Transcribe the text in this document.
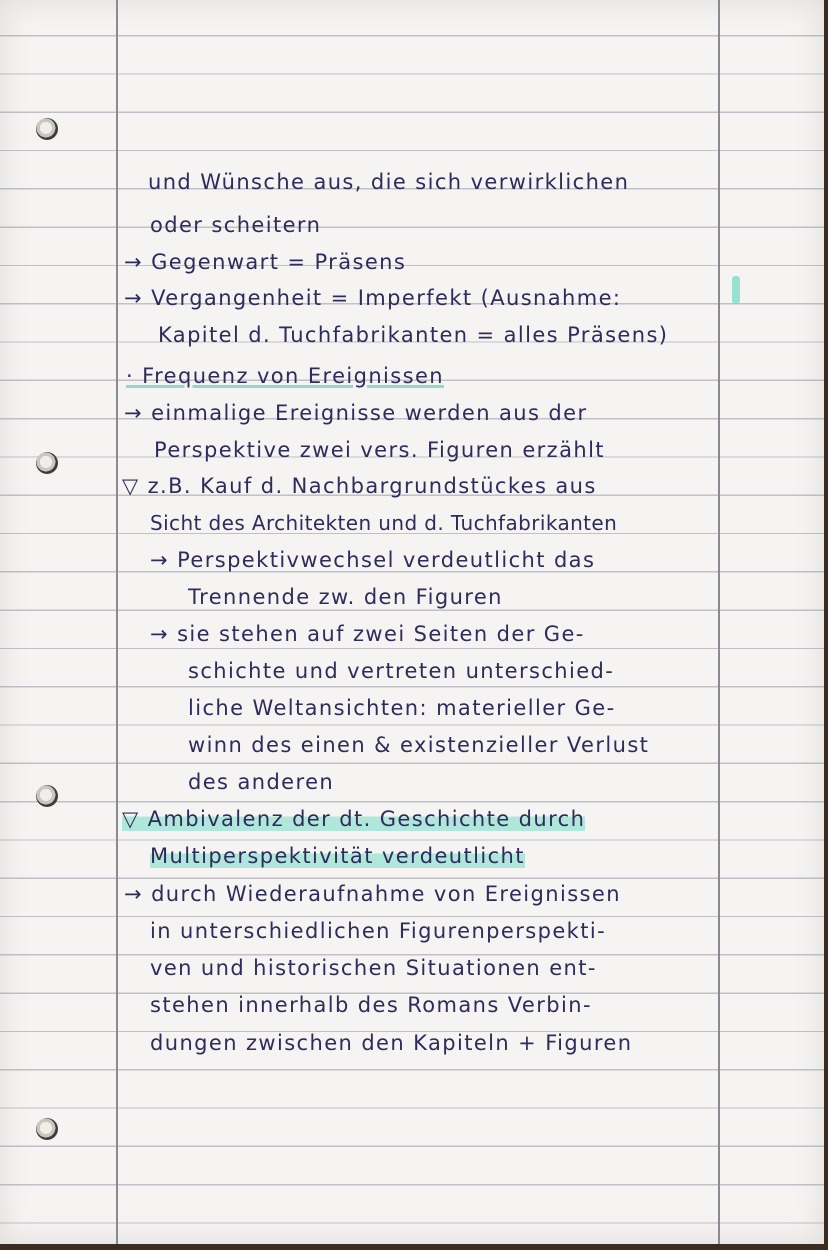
und Wünsche aus, die sich verwirklichen
oder scheitern
→ Gegenwart = Präsens
→ Vergangenheit = Imperfekt (Ausnahme:
Kapitel d. Tuchfabrikanten = alles Präsens)
· Frequenz von Ereignissen
→ einmalige Ereignisse werden aus der
Perspektive zwei vers. Figuren erzählt
▽ z.B. Kauf d. Nachbargrundstückes aus
Sicht des Architekten und d. Tuchfabrikanten
→ Perspektivwechsel verdeutlicht das
Trennende zw. den Figuren
→ sie stehen auf zwei Seiten der Ge-
schichte und vertreten unterschied-
liche Weltansichten: materieller Ge-
winn des einen & existenzieller Verlust
des anderen
▽ Ambivalenz der dt. Geschichte durch
Multiperspektivität verdeutlicht
→ durch Wiederaufnahme von Ereignissen
in unterschiedlichen Figurenperspekti-
ven und historischen Situationen ent-
stehen innerhalb des Romans Verbin-
dungen zwischen den Kapiteln + Figuren
